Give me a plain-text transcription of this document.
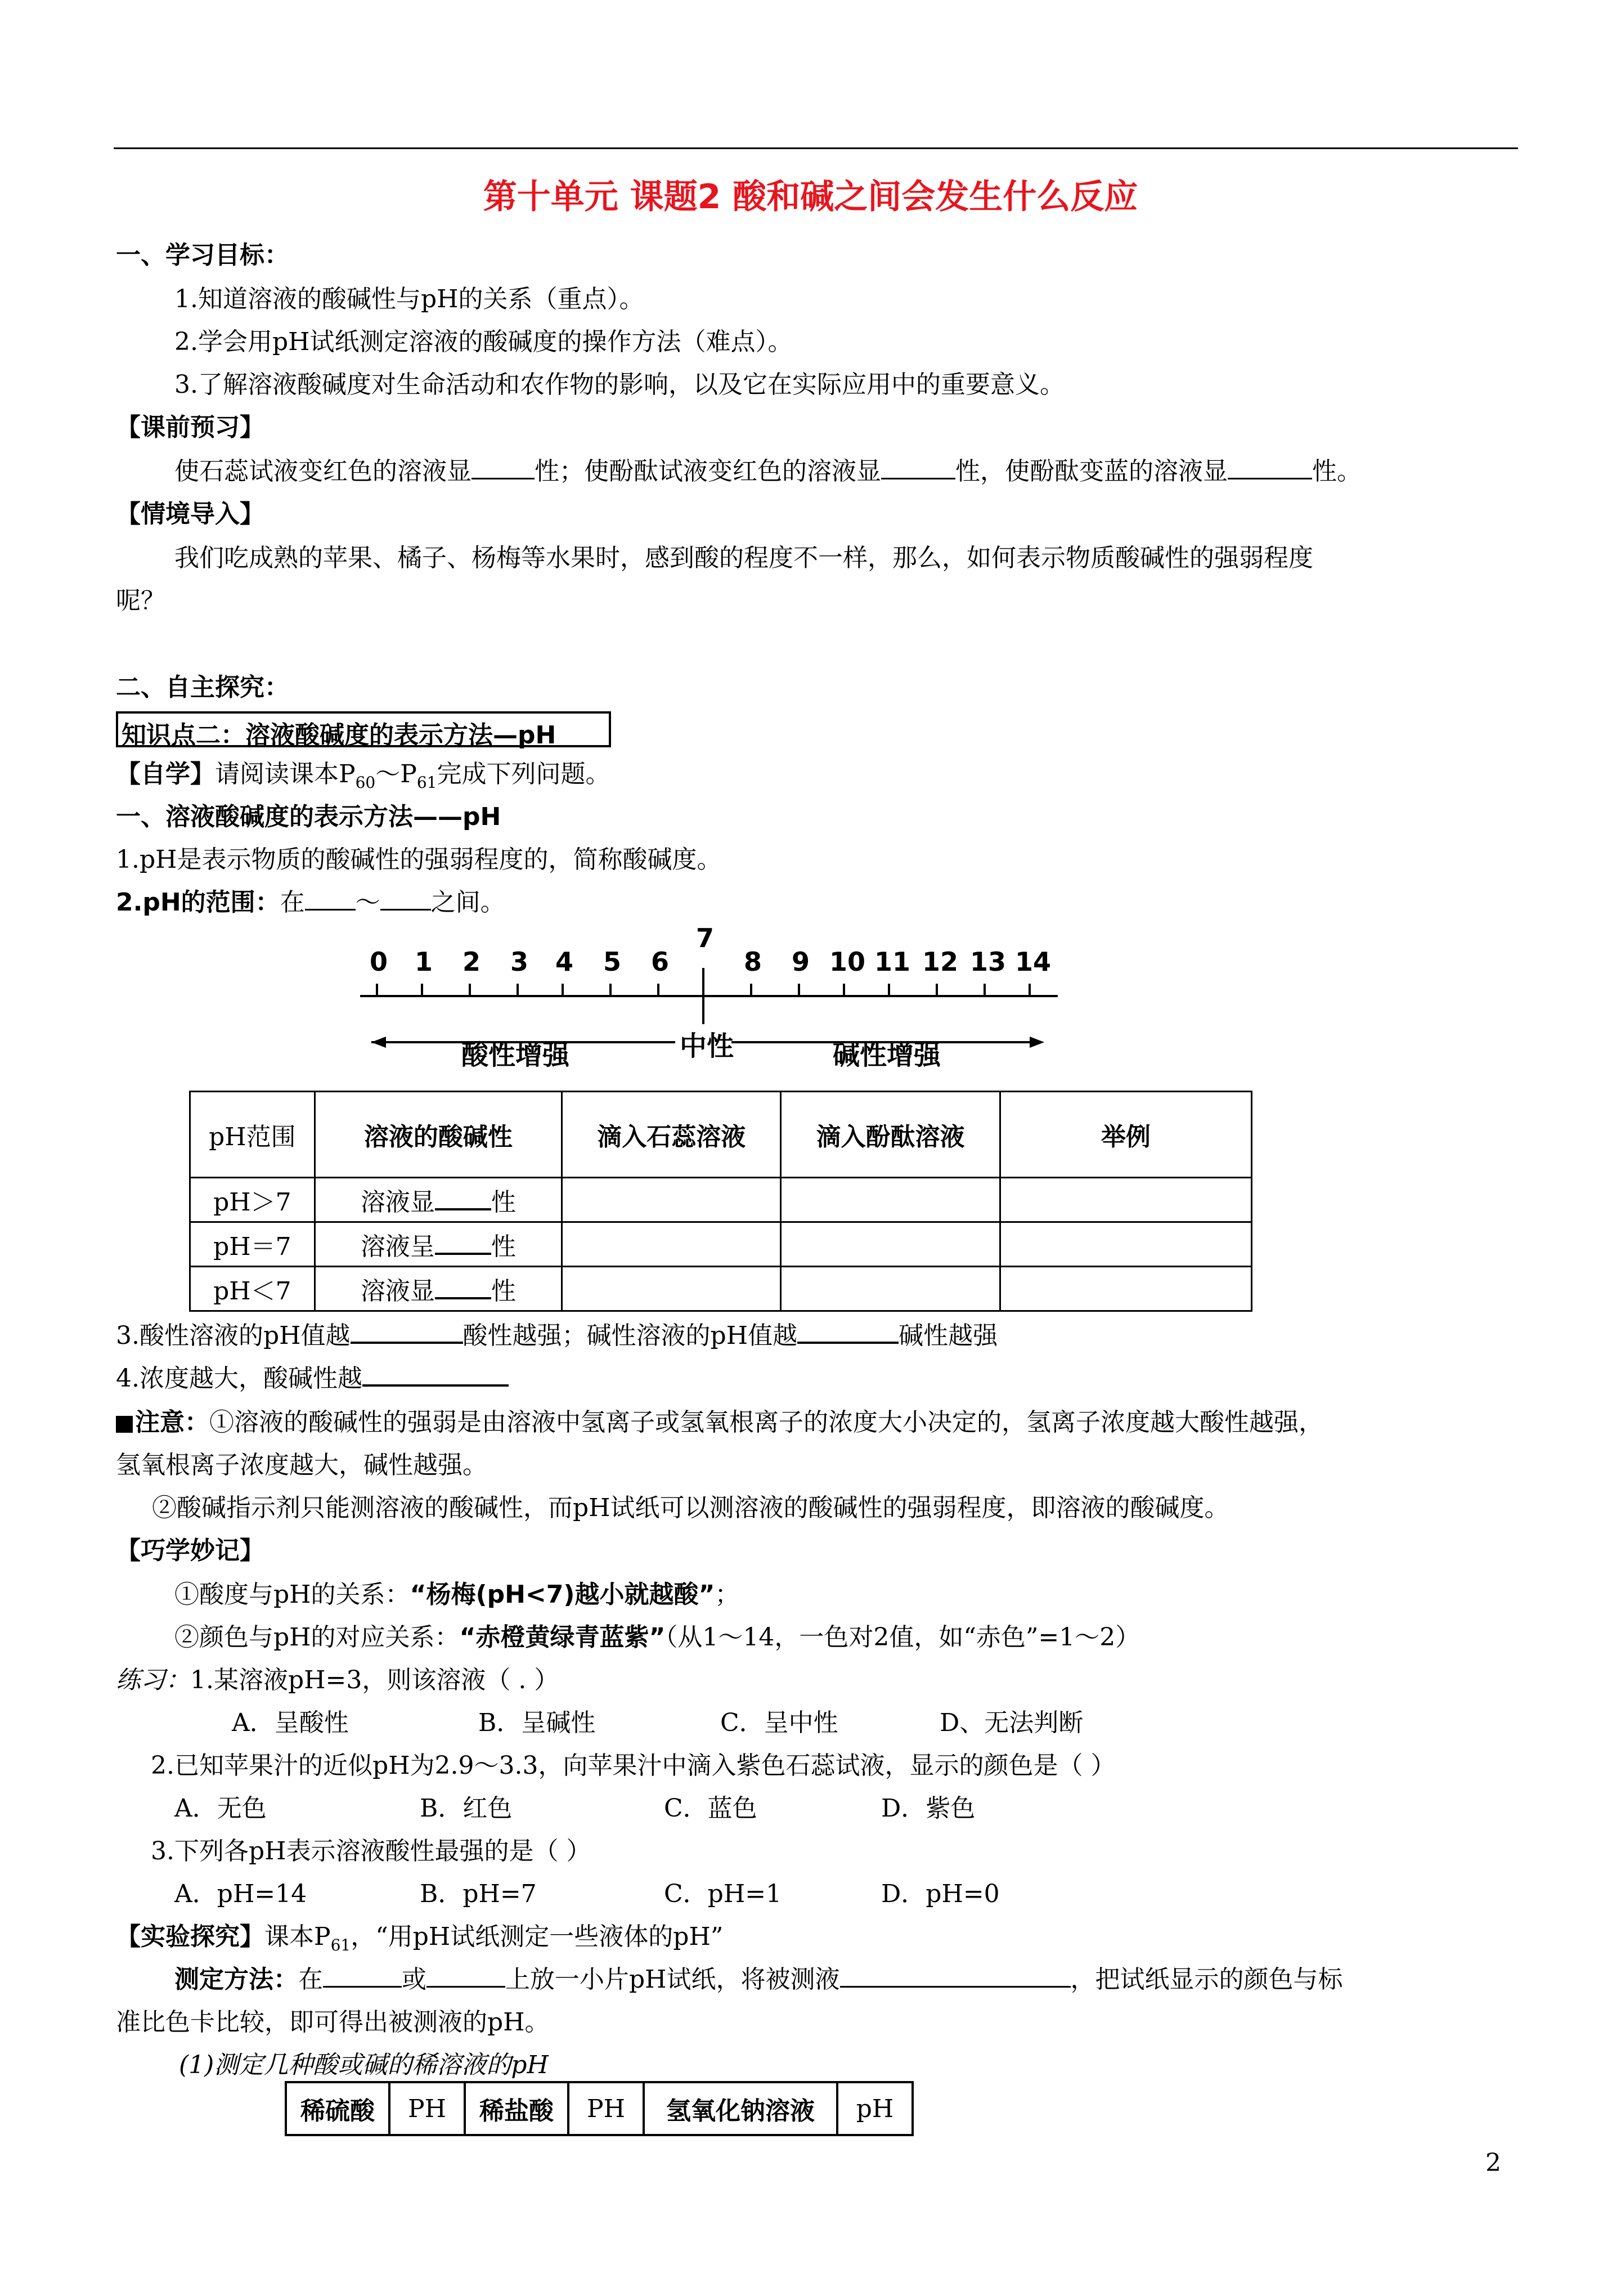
第十单元 课题2 酸和碱之间会发生什么反应
一、学习目标：
1.知道溶液的酸碱性与pH的关系（重点）。
2.学会用pH试纸测定溶液的酸碱度的操作方法（难点）。
3.了解溶液酸碱度对生命活动和农作物的影响，以及它在实际应用中的重要意义。
【课前预习】
使石蕊试液变红色的溶液显	性；使酚酞试液变红色的溶液显	性，使酚酞变蓝的溶液显	性。
【情境导入】
我们吃成熟的苹果、橘子、杨梅等水果时，感到酸的程度不一样，那么，如何表示物质酸碱性的强弱程度
呢？
二、自主探究：
知识点二：溶液酸碱度的表示方法—pH
【自学】请阅读课本$P_{60}\sim P_{61}$完成下列问题。
一、溶液酸碱度的表示方法——pH
1.pH是表示物质的酸碱性的强弱程度的，简称酸碱度。
2.pH的范围：在 ～ 之间。
0 1 2 3 4 5 6
7
8 9 10 11 12 13 14
酸性增强	中性	碱性增强
pH范围	溶液的酸碱性	滴入石蕊溶液	滴入酚酞溶液	举例
pH＞7	溶液显 性			
pH＝7	溶液呈 性			
pH＜7	溶液显 性			
3.酸性溶液的pH值越	酸性越强；碱性溶液的pH值越	碱性越强
4.浓度越大，酸碱性越
注意：①溶液的酸碱性的强弱是由溶液中氢离子或氢氧根离子的浓度大小决定的，氢离子浓度越大酸性越强，
氢氧根离子浓度越大，碱性越强。
②酸碱指示剂只能测溶液的酸碱性，而pH试纸可以测溶液的酸碱性的强弱程度，即溶液的酸碱度。
【巧学妙记】
①酸度与pH的关系：“杨梅(pH<7)越小就越酸”；
②颜色与pH的对应关系：“赤橙黄绿青蓝紫”（从1～14，一色对2值，如“赤色”=1～2）
练习：1.某溶液pH=3，则该溶液（ . ）
A．呈酸性	B．呈碱性	C．呈中性	D、无法判断
2.已知苹果汁的近似pH为2.9～3.3，向苹果汁中滴入紫色石蕊试液，显示的颜色是（ ）
A．无色	B．红色	C．蓝色	D．紫色
3.下列各pH表示溶液酸性最强的是（ ）
A．pH=14	B．pH=7	C．pH=1	D．pH=0
【实验探究】课本$P_{61}$，“用pH试纸测定一些液体的pH”
测定方法：在	或	上放一小片pH试纸，将被测液	，把试纸显示的颜色与标
准比色卡比较，即可得出被测液的pH。
(1)测定几种酸或碱的稀溶液的pH
稀硫酸	PH	稀盐酸	PH	氢氧化钠溶液	pH
2
